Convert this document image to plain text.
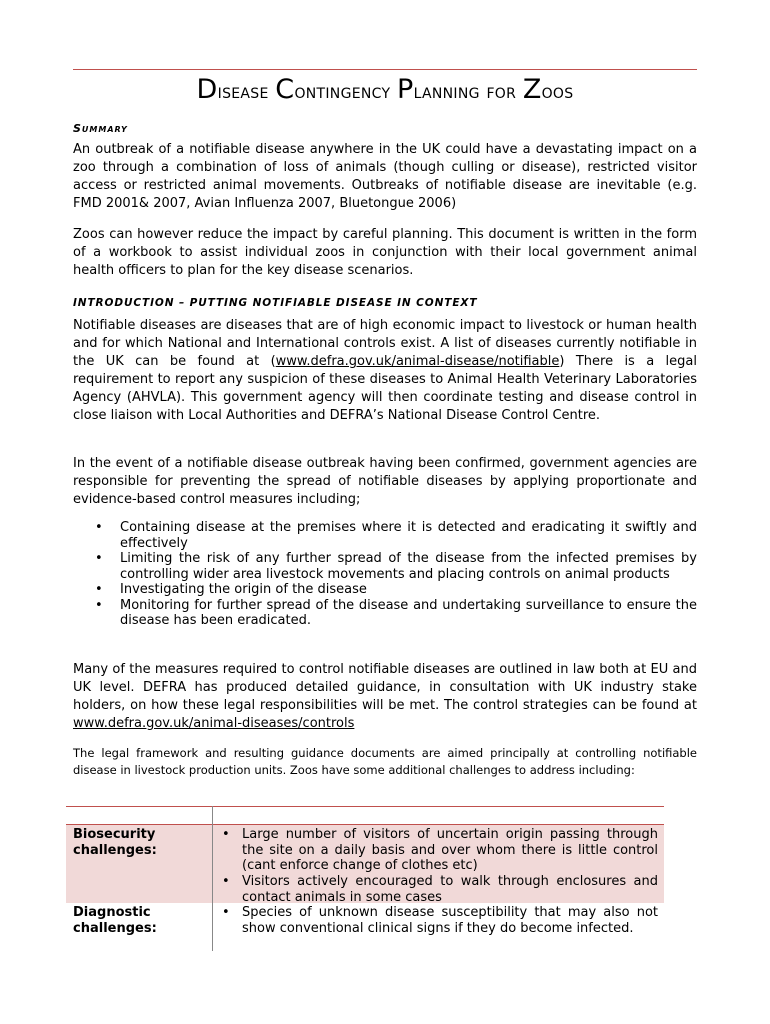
Disease Contingency Planning for Zoos
Summary
An outbreak of a notifiable disease anywhere in the UK could have a devastating impact on a zoo through a combination of loss of animals (though culling or disease), restricted visitor access or restricted animal movements. Outbreaks of notifiable disease are inevitable (e.g. FMD 2001& 2007, Avian Influenza 2007, Bluetongue 2006)
Zoos can however reduce the impact by careful planning. This document is written in the form of a workbook to assist individual zoos in conjunction with their local government animal health officers to plan for the key disease scenarios.
INTRODUCTION – PUTTING NOTIFIABLE DISEASE IN CONTEXT
Notifiable diseases are diseases that are of high economic impact to livestock or human health and for which National and International controls exist. A list of diseases currently notifiable in the UK can be found at (www.defra.gov.uk/animal-disease/notifiable) There is a legal requirement to report any suspicion of these diseases to Animal Health Veterinary Laboratories Agency (AHVLA). This government agency will then coordinate testing and disease control in close liaison with Local Authorities and DEFRA’s National Disease Control Centre.
In the event of a notifiable disease outbreak having been confirmed, government agencies are responsible for preventing the spread of notifiable diseases by applying proportionate and evidence-based control measures including;
• Containing disease at the premises where it is detected and eradicating it swiftly and effectively
• Limiting the risk of any further spread of the disease from the infected premises by controlling wider area livestock movements and placing controls on animal products
• Investigating the origin of the disease
• Monitoring for further spread of the disease and undertaking surveillance to ensure the disease has been eradicated.
Many of the measures required to control notifiable diseases are outlined in law both at EU and UK level. DEFRA has produced detailed guidance, in consultation with UK industry stake holders, on how these legal responsibilities will be met. The control strategies can be found at www.defra.gov.uk/animal-diseases/controls
The legal framework and resulting guidance documents are aimed principally at controlling notifiable disease in livestock production units. Zoos have some additional challenges to address including:
Biosecurity challenges:
• Large number of visitors of uncertain origin passing through the site on a daily basis and over whom there is little control (cant enforce change of clothes etc)
• Visitors actively encouraged to walk through enclosures and contact animals in some cases
Diagnostic challenges:
• Species of unknown disease susceptibility that may also not show conventional clinical signs if they do become infected.
